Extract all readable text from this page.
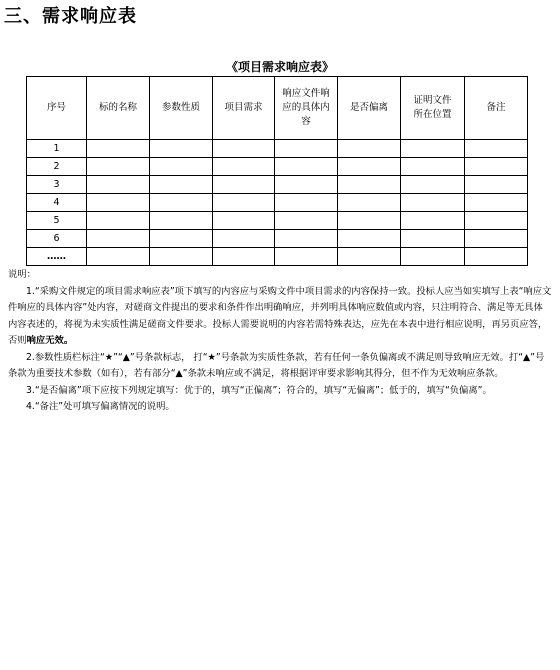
三、需求响应表
《项目需求响应表》
序号	标的名称	参数性质	项目需求	响应文件响应的具体内容	是否偏离	证明文件所在位置	备注
1							
2							
3							
4							
5							
6							
……							

说明：

1.“采购文件规定的项目需求响应表”项下填写的内容应与采购文件中项目需求的内容保持一致。投标人应当如实填写上表“响应文件响应的具体内容”处内容，对磋商文件提出的要求和条件作出明确响应，并列明具体响应数值或内容，只注明符合、满足等无具体内容表述的，将视为未实质性满足磋商文件要求。投标人需要说明的内容若需特殊表达，应先在本表中进行相应说明，再另页应答，否则响应无效。

2.参数性质栏标注“★”“▲”号条款标志， 打“★”号条款为实质性条款，若有任何一条负偏离或不满足则导致响应无效。打“▲”号条款为重要技术参数（如有），若有部分“▲”条款未响应或不满足，将根据评审要求影响其得分，但不作为无效响应条款。

3.“是否偏离”项下应按下列规定填写：优于的，填写“正偏离”；符合的，填写“无偏离”；低于的，填写“负偏离”。

4.“备注”处可填写偏离情况的说明。
